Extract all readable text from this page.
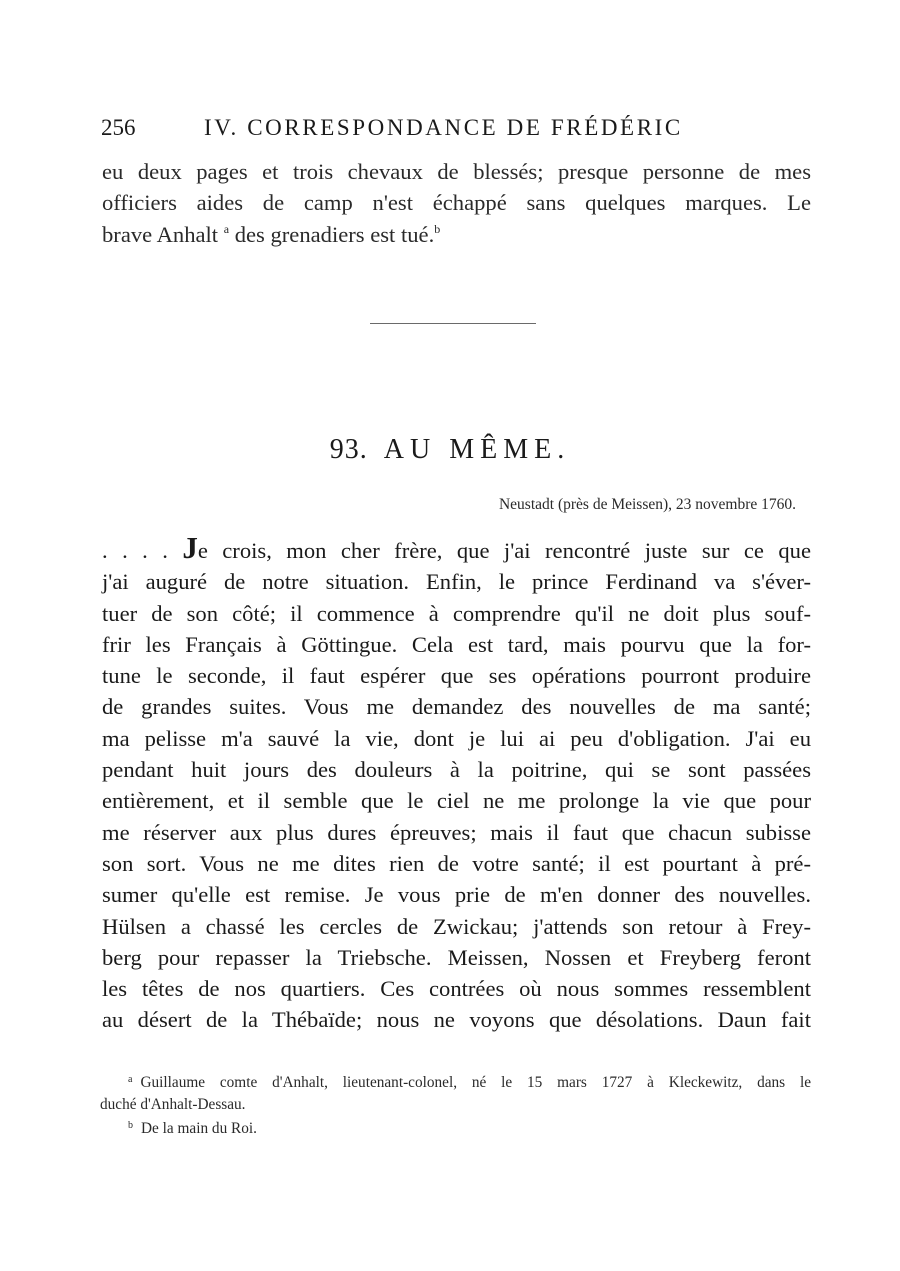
256	IV. CORRESPONDANCE DE FRÉDÉRIC
eu deux pages et trois chevaux de blessés; presque personne de mes
officiers aides de camp n'est échappé sans quelques marques. Le
brave Anhalt $^a$ des grenadiers est tué.$^b$
93. AU MÊME.
Neustadt (près de Meissen), 23 novembre 1760.
. . . . Je crois, mon cher frère, que j'ai rencontré juste sur ce que
j'ai auguré de notre situation. Enfin, le prince Ferdinand va s'éver-
tuer de son côté; il commence à comprendre qu'il ne doit plus souf-
frir les Français à Göttingue. Cela est tard, mais pourvu que la for-
tune le seconde, il faut espérer que ses opérations pourront produire
de grandes suites. Vous me demandez des nouvelles de ma santé;
ma pelisse m'a sauvé la vie, dont je lui ai peu d'obligation. J'ai eu
pendant huit jours des douleurs à la poitrine, qui se sont passées
entièrement, et il semble que le ciel ne me prolonge la vie que pour
me réserver aux plus dures épreuves; mais il faut que chacun subisse
son sort. Vous ne me dites rien de votre santé; il est pourtant à pré-
sumer qu'elle est remise. Je vous prie de m'en donner des nouvelles.
Hülsen a chassé les cercles de Zwickau; j'attends son retour à Frey-
berg pour repasser la Triebsche. Meissen, Nossen et Freyberg feront
les têtes de nos quartiers. Ces contrées où nous sommes ressemblent
au désert de la Thébaïde; nous ne voyons que désolations. Daun fait
$^a$ Guillaume comte d'Anhalt, lieutenant-colonel, né le 15 mars 1727 à Kleckewitz, dans le
duché d'Anhalt-Dessau.
$^b$ De la main du Roi.
